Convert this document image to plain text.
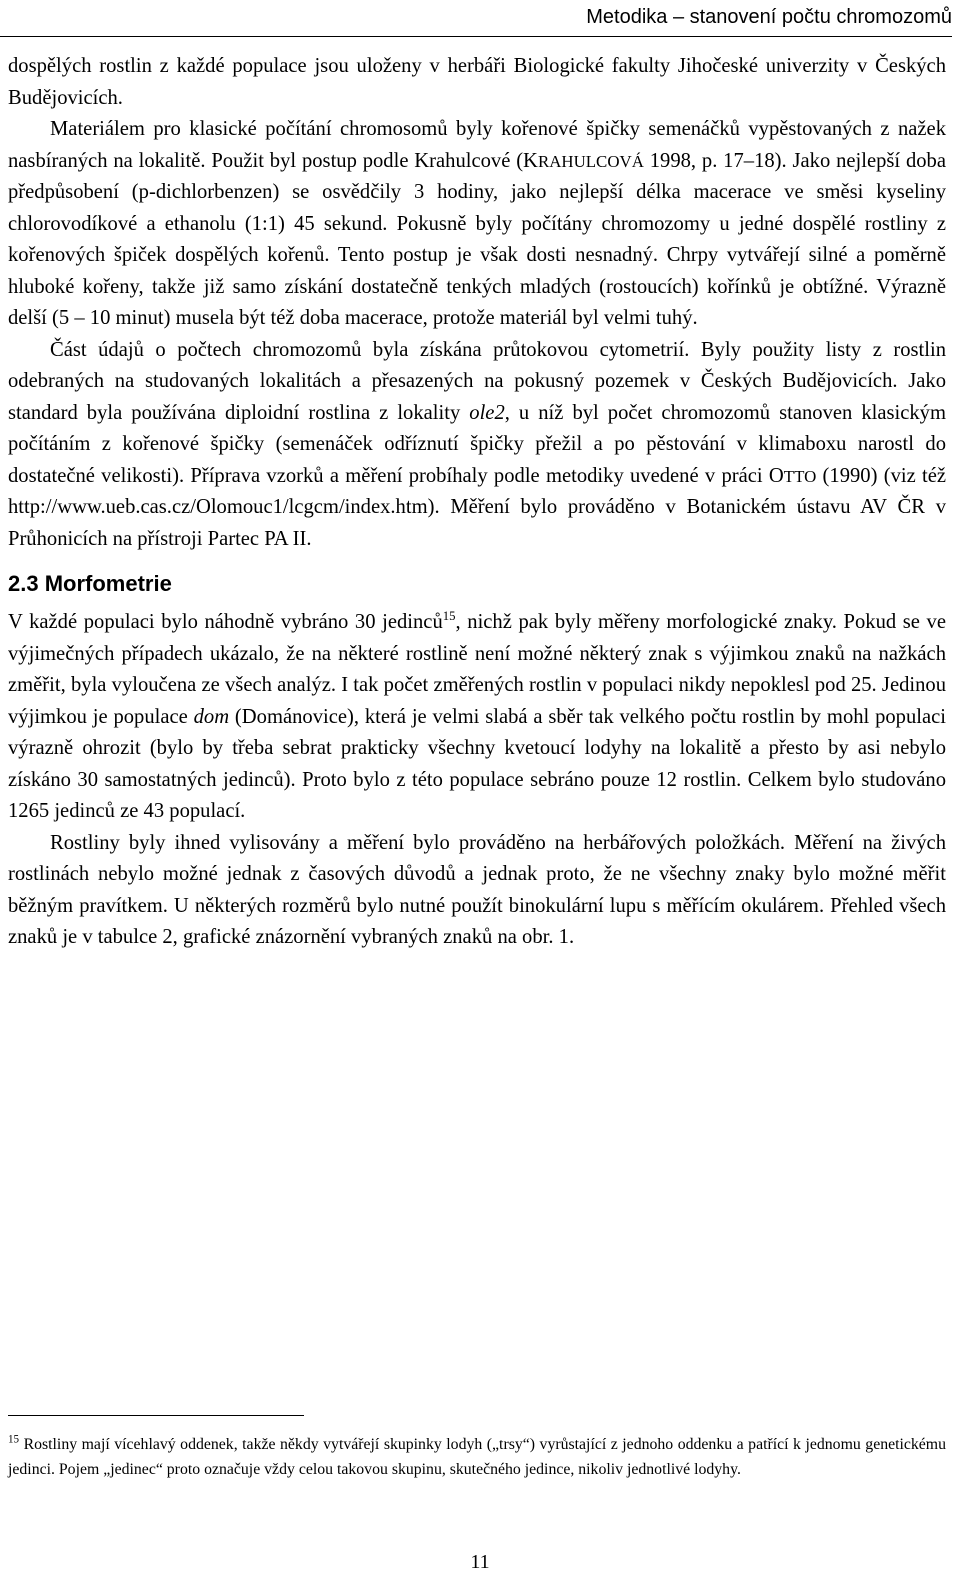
Metodika – stanovení počtu chromozomů

dospělých rostlin z každé populace jsou uloženy v herbáři Biologické fakulty Jihočeské univerzity v Českých Budějovicích.

Materiálem pro klasické počítání chromosomů byly kořenové špičky semenáčků vypěstovaných z nažek nasbíraných na lokalitě. Použit byl postup podle Krahulcové (KRAHULCOVÁ 1998, p. 17–18). Jako nejlepší doba předpůsobení (p-dichlorbenzen) se osvědčily 3 hodiny, jako nejlepší délka macerace ve směsi kyseliny chlorovodíkové a ethanolu (1:1) 45 sekund. Pokusně byly počítány chromozomy u jedné dospělé rostliny z kořenových špiček dospělých kořenů. Tento postup je však dosti nesnadný. Chrpy vytvářejí silné a poměrně hluboké kořeny, takže již samo získání dostatečně tenkých mladých (rostoucích) kořínků je obtížné. Výrazně delší (5 – 10 minut) musela být též doba macerace, protože materiál byl velmi tuhý.

Část údajů o počtech chromozomů byla získána průtokovou cytometrií. Byly použity listy z rostlin odebraných na studovaných lokalitách a přesazených na pokusný pozemek v Českých Budějovicích. Jako standard byla používána diploidní rostlina z lokality ole2, u níž byl počet chromozomů stanoven klasickým počítáním z kořenové špičky (semenáček odříznutí špičky přežil a po pěstování v klimaboxu narostl do dostatečné velikosti). Příprava vzorků a měření probíhaly podle metodiky uvedené v práci OTTO (1990) (viz též http://www.ueb.cas.cz/Olomouc1/lcgcm/index.htm). Měření bylo prováděno v Botanickém ústavu AV ČR v Průhonicích na přístroji Partec PA II.

2.3 Morfometrie

V každé populaci bylo náhodně vybráno 30 jedinců$^{15}$, nichž pak byly měřeny morfologické znaky. Pokud se ve výjimečných případech ukázalo, že na některé rostlině není možné některý znak s výjimkou znaků na nažkách změřit, byla vyloučena ze všech analýz. I tak počet změřených rostlin v populaci nikdy nepoklesl pod 25. Jedinou výjimkou je populace dom (Dománovice), která je velmi slabá a sběr tak velkého počtu rostlin by mohl populaci výrazně ohrozit (bylo by třeba sebrat prakticky všechny kvetoucí lodyhy na lokalitě a přesto by asi nebylo získáno 30 samostatných jedinců). Proto bylo z této populace sebráno pouze 12 rostlin. Celkem bylo studováno 1265 jedinců ze 43 populací.

Rostliny byly ihned vylisovány a měření bylo prováděno na herbářových položkách. Měření na živých rostlinách nebylo možné jednak z časových důvodů a jednak proto, že ne všechny znaky bylo možné měřit běžným pravítkem. U některých rozměrů bylo nutné použít binokulární lupu s měřícím okulárem. Přehled všech znaků je v tabulce 2, grafické znázornění vybraných znaků na obr. 1.

$^{15}$ Rostliny mají vícehlavý oddenek, takže někdy vytvářejí skupinky lodyh („trsy“) vyrůstající z jednoho oddenku a patřící k jednomu genetickému jedinci. Pojem „jedinec“ proto označuje vždy celou takovou skupinu, skutečného jedince, nikoliv jednotlivé lodyhy.
11
